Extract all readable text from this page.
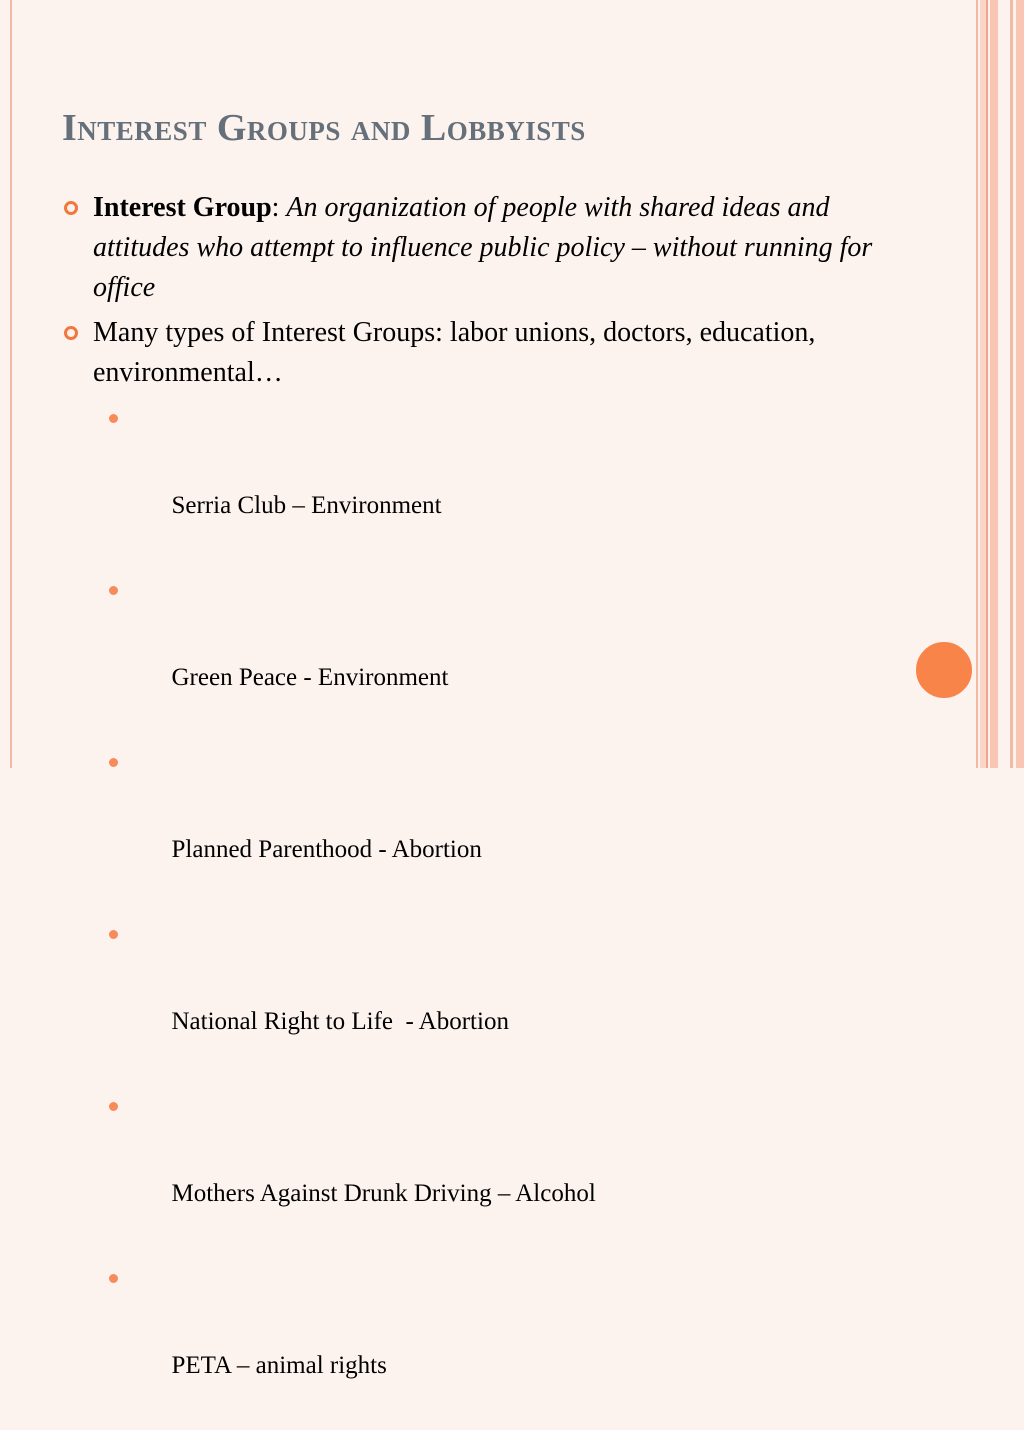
Interest Groups and Lobbyists
Interest Group: An organization of people with shared ideas and attitudes who attempt to influence public policy – without running for office
Many types of Interest Groups: labor unions, doctors, education, environmental…

Serria Club – Environment

Green Peace - Environment

Planned Parenthood - Abortion

National Right to Life  - Abortion

Mothers Against Drunk Driving – Alcohol

PETA – animal rights
